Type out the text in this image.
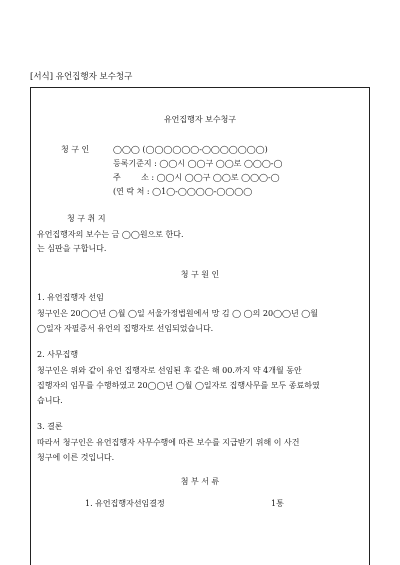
[서식] 유언집행자 보수청구
유언집행자 보수청구
청 구 인	◯◯◯ (◯◯◯◯◯◯-◯◯◯◯◯◯◯)
등록기준지 : ◯◯시 ◯◯구 ◯◯로 ◯◯◯-◯
주        소 : ◯◯시 ◯◯구 ◯◯로 ◯◯◯-◯
(연 락 처 : ◯1◯-◯◯◯◯-◯◯◯◯
청 구 취 지
유언집행자의 보수는 금 ◯◯원으로 한다.
는 심판을 구합니다.
청 구 원 인
1. 유언집행자 선임
청구인은 20◯◯년 ◯월 ◯일 서울가정법원에서 망 김 ◯ ◯의 20◯◯년 ◯월
◯일자 자필증서 유언의 집행자로 선임되었습니다.
2. 사무집행
청구인은 위와 같이 유언 집행자로 선임된 후 같은 해 00.까지 약 4개월 동안
집행자의 임무를 수행하였고 20◯◯년 ◯월 ◯일자로 집행사무를 모두 종료하였
습니다.
3. 결론
따라서 청구인은 유언집행자 사무수행에 따른 보수를 지급받기 위해 이 사건
청구에 이른 것입니다.
첨 부 서 류
1. 유언집행자선임결정	1통
